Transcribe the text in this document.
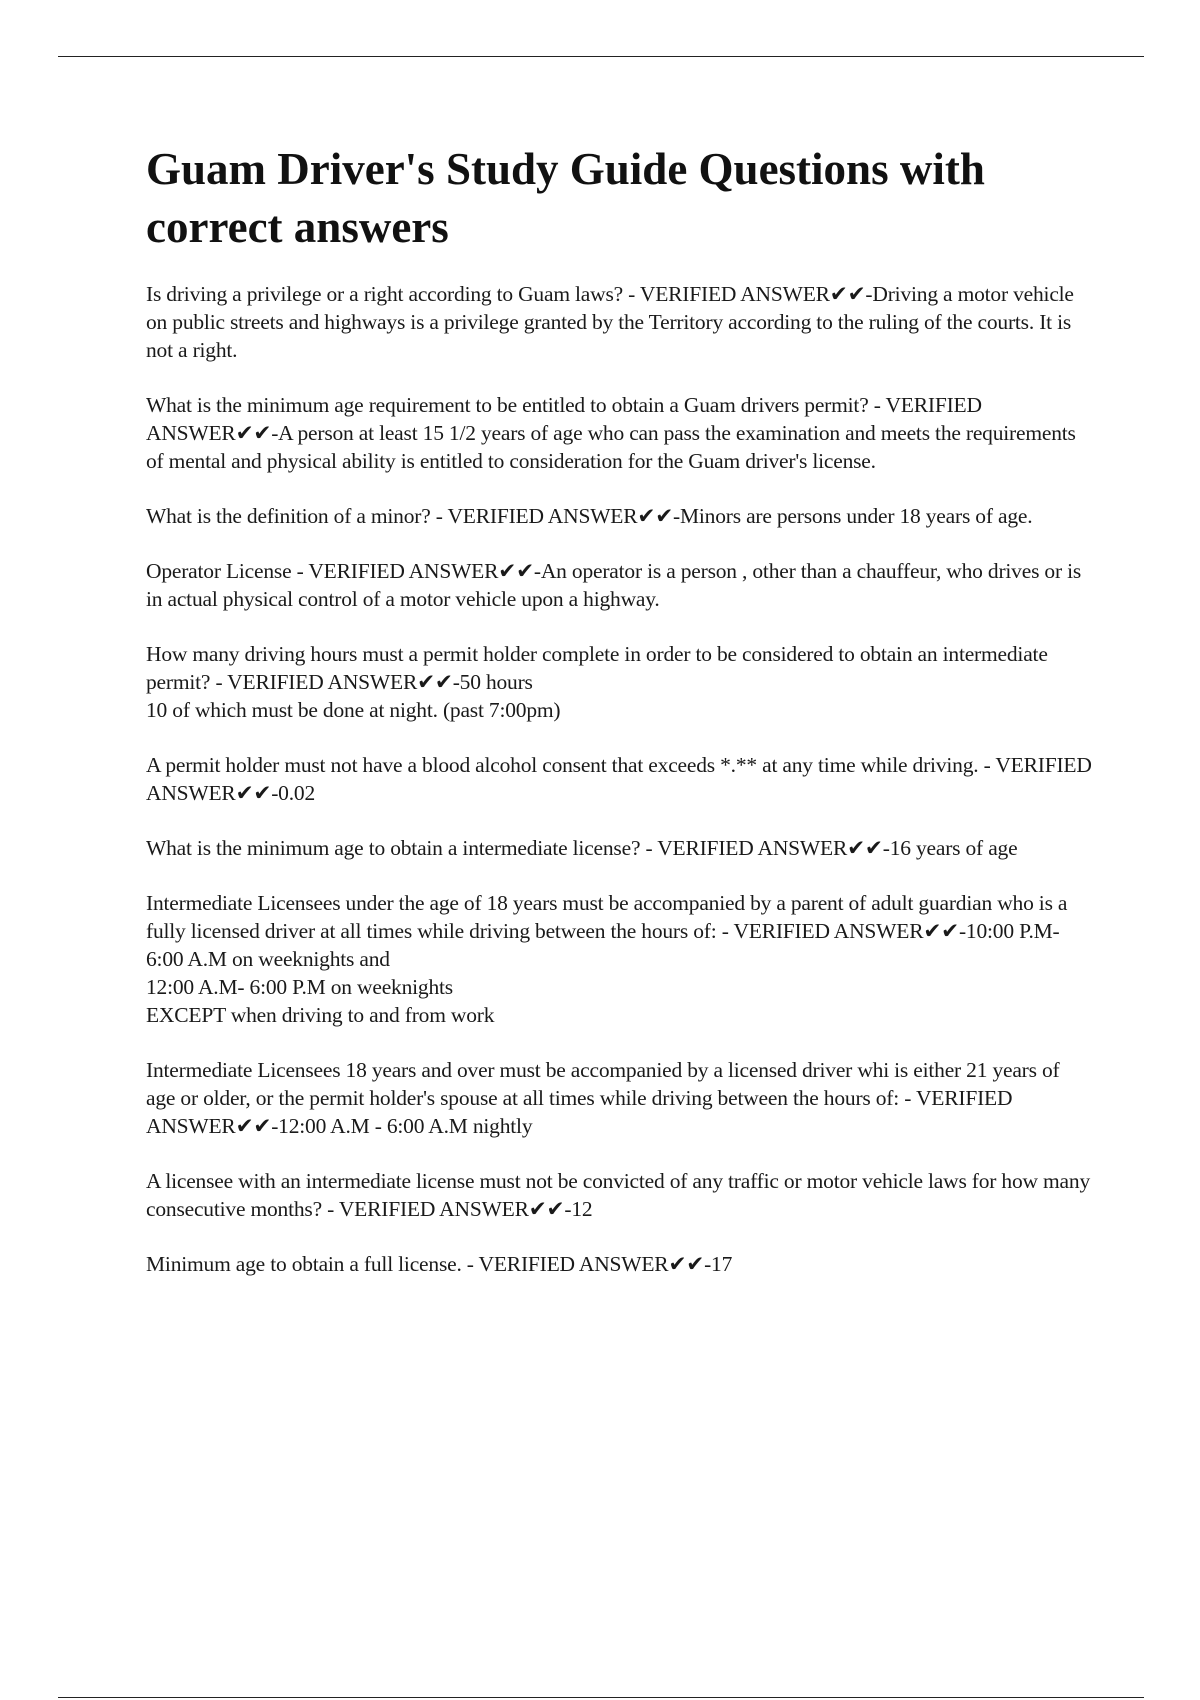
Guam Driver's Study Guide Questions with correct answers

Is driving a privilege or a right according to Guam laws? - VERIFIED ANSWER✔✔-Driving a motor vehicle on public streets and highways is a privilege granted by the Territory according to the ruling of the courts. It is not a right.

What is the minimum age requirement to be entitled to obtain a Guam drivers permit? - VERIFIED ANSWER✔✔-A person at least 15 1/2 years of age who can pass the examination and meets the requirements of mental and physical ability is entitled to consideration for the Guam driver's license.

What is the definition of a minor? - VERIFIED ANSWER✔✔-Minors are persons under 18 years of age.

Operator License - VERIFIED ANSWER✔✔-An operator is a person , other than a chauffeur, who drives or is in actual physical control of a motor vehicle upon a highway.

How many driving hours must a permit holder complete in order to be considered to obtain an intermediate permit? - VERIFIED ANSWER✔✔-50 hours
10 of which must be done at night. (past 7:00pm)

A permit holder must not have a blood alcohol consent that exceeds *.** at any time while driving. - VERIFIED ANSWER✔✔-0.02

What is the minimum age to obtain a intermediate license? - VERIFIED ANSWER✔✔-16 years of age

Intermediate Licensees under the age of 18 years must be accompanied by a parent of adult guardian who is a fully licensed driver at all times while driving between the hours of: - VERIFIED ANSWER✔✔-10:00 P.M- 6:00 A.M on weeknights and
12:00 A.M- 6:00 P.M on weeknights
EXCEPT when driving to and from work

Intermediate Licensees 18 years and over must be accompanied by a licensed driver whi is either 21 years of age or older, or the permit holder's spouse at all times while driving between the hours of: - VERIFIED ANSWER✔✔-12:00 A.M - 6:00 A.M nightly

A licensee with an intermediate license must not be convicted of any traffic or motor vehicle laws for how many consecutive months? - VERIFIED ANSWER✔✔-12

Minimum age to obtain a full license. - VERIFIED ANSWER✔✔-17
